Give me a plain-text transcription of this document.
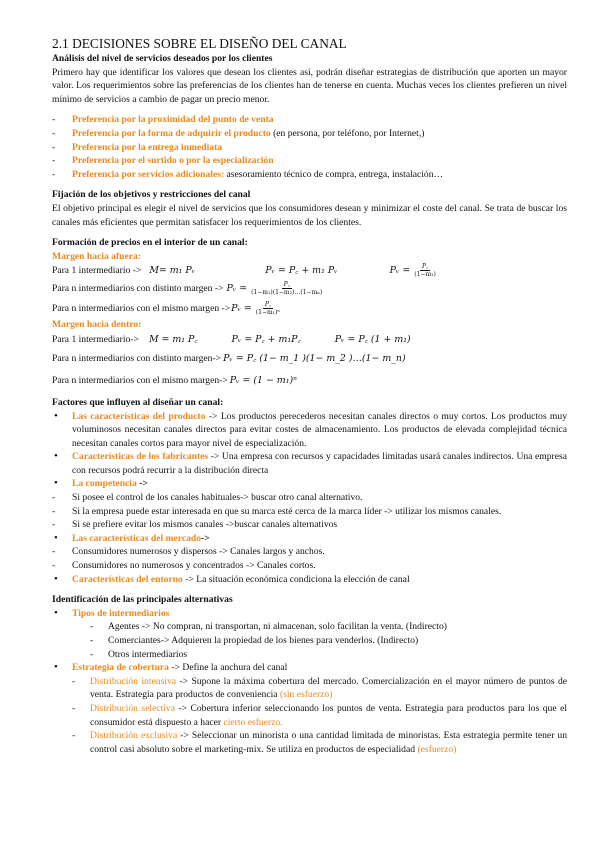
2.1 DECISIONES SOBRE EL DISEÑO DEL CANAL
Análisis del nivel de servicios deseados por los clientes
Primero hay que identificar los valores que desean los clientes así, podrán diseñar estrategias de distribución que aporten un mayor valor. Los requerimientos sobre las preferencias de los clientes han de tenerse en cuenta. Muchas veces los clientes prefieren un nivel mínimo de servicios a cambio de pagar un precio menor.
- Preferencia por la proximidad del punto de venta
- Preferencia por la forma de adquirir el producto (en persona, por teléfono, por Internet,)
- Preferencia por la entrega inmediata
- Preferencia por el surtido o por la especialización
- Preferencia por servicios adicionales: asesoramiento técnico de compra, entrega, instalación…
Fijación de los objetivos y restricciones del canal
El objetivo principal es elegir el nivel de servicios que los consumidores desean y minimizar el coste del canal. Se trata de buscar los canales más eficientes que permitan satisfacer los requerimientos de los clientes.
Formación de precios en el interior de un canal:
Margen hacia afuera:
Para 1 intermediario -> M= m₁ Pᵥ	Pᵥ = P꜀ + m₁ Pᵥ	Pᵥ = $\frac{P꜀}{\text{(1−m₁)}}$
Para n intermediarios con distinto margen -> Pᵥ = $\frac{P꜀}{\text{(1−m₁)(1−m₂)…(1−mₙ)}}$
Para n intermediarios con el mismo margen -> Pᵥ = $\frac{P꜀}{\text{(1−m₁)ⁿ}}$
Margen hacia dentro:
Para 1 intermediario-> M = m₁ P꜀	Pᵥ = P꜀ + m₁P꜀	Pᵥ = P꜀ (1 + m₁)
Para n intermediarios con distinto margen-> Pᵥ = P꜀ (1− m_1 )(1− m_2 )…(1− m_n)
Para n intermediarios con el mismo margen-> Pᵥ = (1 − m₁)ⁿ
Factores que influyen al diseñar un canal:
• Las características del producto -> Los productos perecederos necesitan canales directos o muy cortos. Los productos muy voluminosos necesitan canales directos para evitar costes de almacenamiento. Los productos de elevada complejidad técnica necesitan canales cortos para mayor nivel de especialización.
• Características de los fabricantes -> Una empresa con recursos y capacidades limitadas usará canales indirectos. Una empresa con recursos podrá recurrir a la distribución directa
• La competencia ->
- Si posee el control de los canales habituales-> buscar otro canal alternativo.
- Si la empresa puede estar interesada en que su marca esté cerca de la marca líder -> utilizar los mismos canales.
- Si se prefiere evitar los mismos canales ->buscar canales alternativos
• Las características del mercado->
- Consumidores numerosos y dispersos -> Canales largos y anchos.
- Consumidores no numerosos y concentrados -> Canales cortos.
• Características del entorno -> La situación económica condiciona la elección de canal
Identificación de las principales alternativas
• Tipos de intermediarios
- Agentes -> No compran, ni transportan, ni almacenan, solo facilitan la venta. (Indirecto)
- Comerciantes-> Adquieren la propiedad de los bienes para venderlos. (Indirecto)
- Otros intermediarios
• Estrategia de cobertura -> Define la anchura del canal
- Distribución intensiva -> Supone la máxima cobertura del mercado. Comercialización en el mayor número de puntos de venta. Estrategia para productos de conveniencia (sin esfuerzo)
- Distribución selectiva -> Cobertura inferior seleccionando los puntos de venta. Estrategia para productos para los que el consumidor está dispuesto a hacer cierto esfuerzo.
- Distribución exclusiva -> Seleccionar un minorista o una cantidad limitada de minoristas. Esta estrategia permite tener un control casi absoluto sobre el marketing-mix. Se utiliza en productos de especialidad (esfuerzo)
